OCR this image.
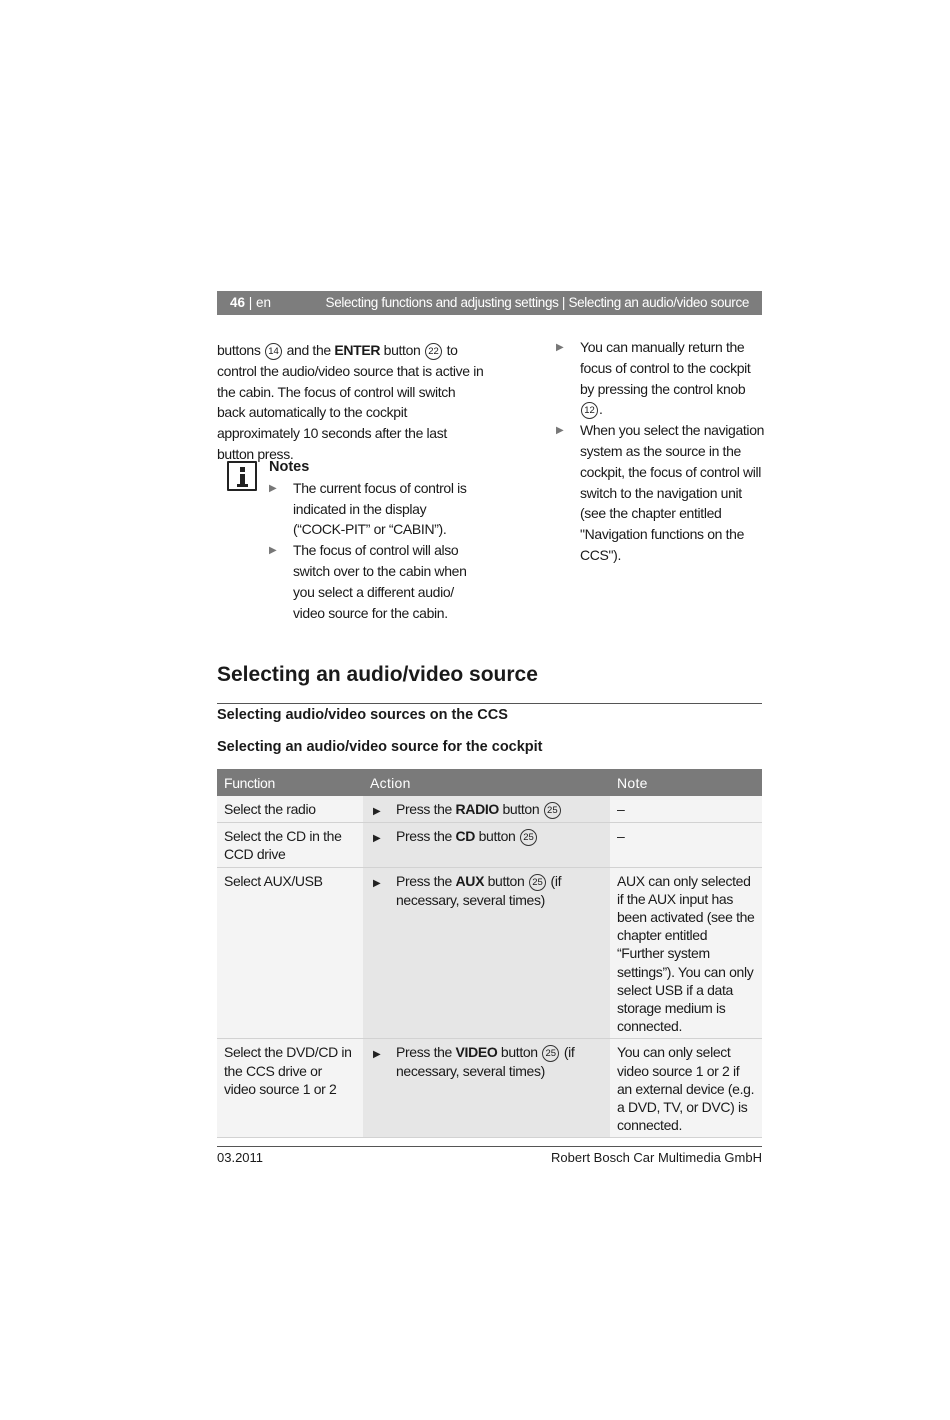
46 | en	Selecting functions and adjusting settings | Selecting an audio/video source

buttons 14 and the ENTER button 22 to control the audio/video source that is active in the cabin. The focus of control will switch back automatically to the cockpit approximately 10 seconds after the last button press.

Notes

▶ The current focus of control is indicated in the display (“COCK-PIT” or “CABIN”).
▶ The focus of control will also switch over to the cabin when you select a different audio/ video source for the cabin.
▶ You can manually return the focus of control to the cockpit by pressing the control knob 12 .
▶ When you select the navigation system as the source in the cockpit, the focus of control will switch to the navigation unit (see the chapter entitled "Navigation functions on the CCS").
Selecting an audio/video source
Selecting audio/video sources on the CCS
Selecting an audio/video source for the cockpit
Function	Action	Note
Select the radio	▶ Press the RADIO button 25	–
Select the CD in the CCD drive	▶ Press the CD button 25	–
Select AUX/USB	▶ Press the AUX button 25 (if necessary, several times)	AUX can only selected if the AUX input has been activated (see the chapter entitled “Further system settings”). You can only select USB if a data storage medium is connected.
Select the DVD/CD in the CCS drive or video source 1 or 2	▶ Press the VIDEO button 25 (if necessary, several times)	You can only select video source 1 or 2 if an external device (e.g. a DVD, TV, or DVC) is connected.
03.2011	Robert Bosch Car Multimedia GmbH
